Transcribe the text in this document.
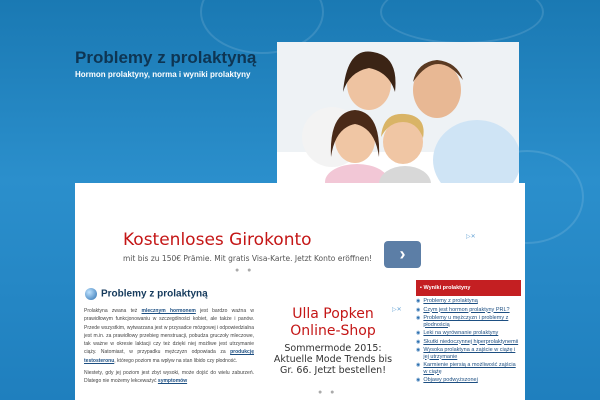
Problemy z prolaktyną

Hormon prolaktyny, norma i wyniki prolaktyny

Kostenloses Girokonto

mit bis zu 150€ Prämie. Mit gratis Visa-Karte. Jetzt Konto eröffnen!	›
▷✕
● ●
Problemy z prolaktyną

Prolaktyna zwana też mlecznym hormonem jest bardzo ważna w prawidłowym funkcjonowaniu w szczególności kobiet, ale także i panów. Przede wszystkim, wytwarzana jest w przysadce mózgowej i odpowiedzialna jest m.in. za prawidłowy przebieg menstruacji, pobudza gruczoły mleczowe, tak ważne w okresie laktacji czy też dzięki niej możliwe jest utrzymanie ciąży. Natomiast, w przypadku mężczyzn odpowiada za produkcję testosteronu, którego poziom ma wpływ na stan libido czy płodność.

Niestety, gdy jej poziom jest zbyt wysoki, może dojść do wielu zaburzeń. Dlatego nie możemy lekceważyć symptomów

Ulla Popken
Online-Shop

Sommermode 2015:
Aktuelle Mode Trends bis
Gr. 66. Jetzt bestellen!
▷✕
● ●
▪ Wyniki prolaktyny
◉ Problemy z prolaktyną
◉ Czym jest hormon prolaktyny PRL?
◉ Problemy u mężczyzn i problemy z płodnością
◉ Leki na wyrównanie prolaktyny
◉ Skutki niedoczynnej hiperprolaktynemii
◉ Wysoka prolaktyna a zajście w ciążę i jej utrzymanie
◉ Karmienie piersią a możliwość zajścia w ciążę
◉ Objawy podwyższonej
